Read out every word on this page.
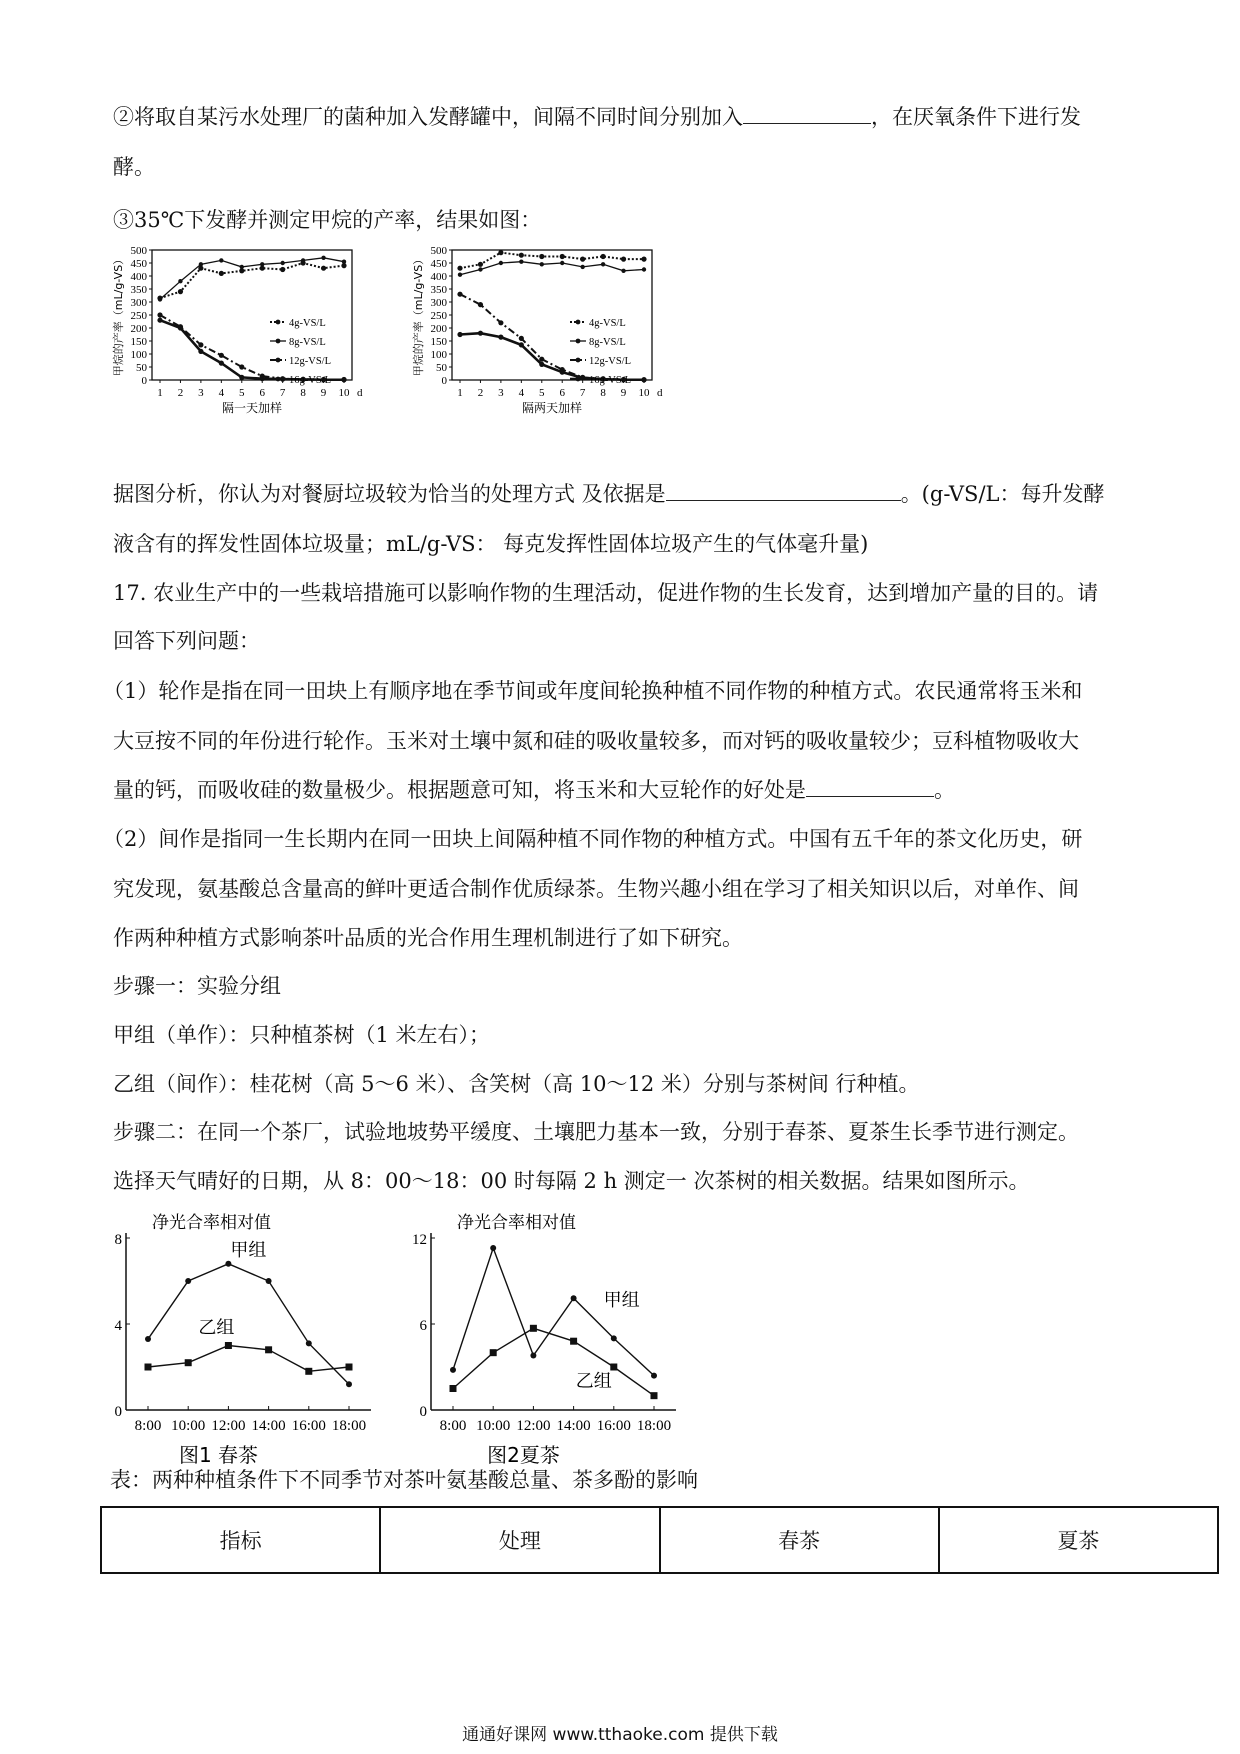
②将取自某污水处理厂的菌种加入发酵罐中，间隔不同时间分别加入	，在厌氧条件下进行发
酵。
③35℃下发酵并测定甲烷的产率，结果如图：
0
50
100
150
200
250
300
350
400
450
500
1 2 3 4 5 6 7 8 9 10 d
隔一天加样
甲烷的产率（mL/g-VS）	4g-VS/L
8g-VS/L
12g-VS/L
16g-VS/L	0
50
100
150
200
250
300
350
400
450
500
1 2 3 4 5 6 7 8 9 10 d
隔两天加样
甲烷的产率（mL/g-VS）	4g-VS/L
8g-VS/L
12g-VS/L
16g-VS/L
据图分析，你认为对餐厨垃圾较为恰当的处理方式 及依据是	。(g-VS/L：每升发酵
液含有的挥发性固体垃圾量；mL/g-VS： 每克发挥性固体垃圾产生的气体毫升量)
17. 农业生产中的一些栽培措施可以影响作物的生理活动，促进作物的生长发育，达到增加产量的目的。请
回答下列问题：
（1）轮作是指在同一田块上有顺序地在季节间或年度间轮换种植不同作物的种植方式。农民通常将玉米和
大豆按不同的年份进行轮作。玉米对土壤中氮和硅的吸收量较多，而对钙的吸收量较少；豆科植物吸收大
量的钙，而吸收硅的数量极少。根据题意可知，将玉米和大豆轮作的好处是	。
（2）间作是指同一生长期内在同一田块上间隔种植不同作物的种植方式。中国有五千年的茶文化历史，研
究发现，氨基酸总含量高的鲜叶更适合制作优质绿茶。生物兴趣小组在学习了相关知识以后，对单作、间
作两种种植方式影响茶叶品质的光合作用生理机制进行了如下研究。
步骤一：实验分组
甲组（单作）：只种植茶树（1 米左右）；
乙组（间作）：桂花树（高 5～6 米）、含笑树（高 10～12 米）分别与茶树间 行种植。
步骤二：在同一个茶厂，试验地坡势平缓度、土壤肥力基本一致，分别于春茶、夏茶生长季节进行测定。
选择天气晴好的日期，从 8：00～18：00 时每隔 2 h 测定一 次茶树的相关数据。结果如图所示。
0
4
8
8:00 10:00 12:00 14:00 16:00 18:00
净光合率相对值
图1 春茶
甲组
乙组
0
6
12
8:00 10:00 12:00 14:00 16:00 18:00
净光合率相对值
图2夏茶
甲组
乙组
表：两种种植条件下不同季节对茶叶氨基酸总量、茶多酚的影响
指标	处理	春茶	夏茶
通通好课网 www.tthaoke.com 提供下载
